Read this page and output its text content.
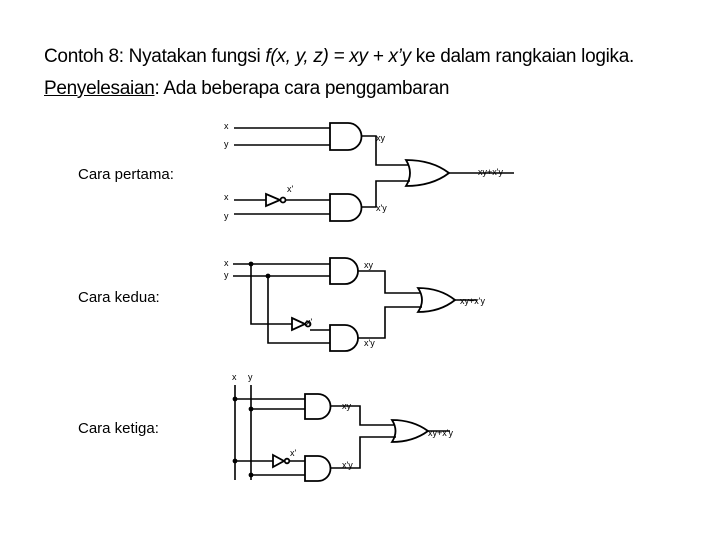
Contoh 8: Nyatakan fungsi f(x, y, z) = xy + x’y ke dalam rangkaian logika.
Penyelesaian: Ada beberapa cara penggambaran
Cara pertama:
Cara kedua:
Cara ketiga:
x
y
xy
xy+x'y
x
y
x'
x'y
x
y
xy
xy+x'y
x'
x'y
x y
xy
xy+x'y
x'
x'y
